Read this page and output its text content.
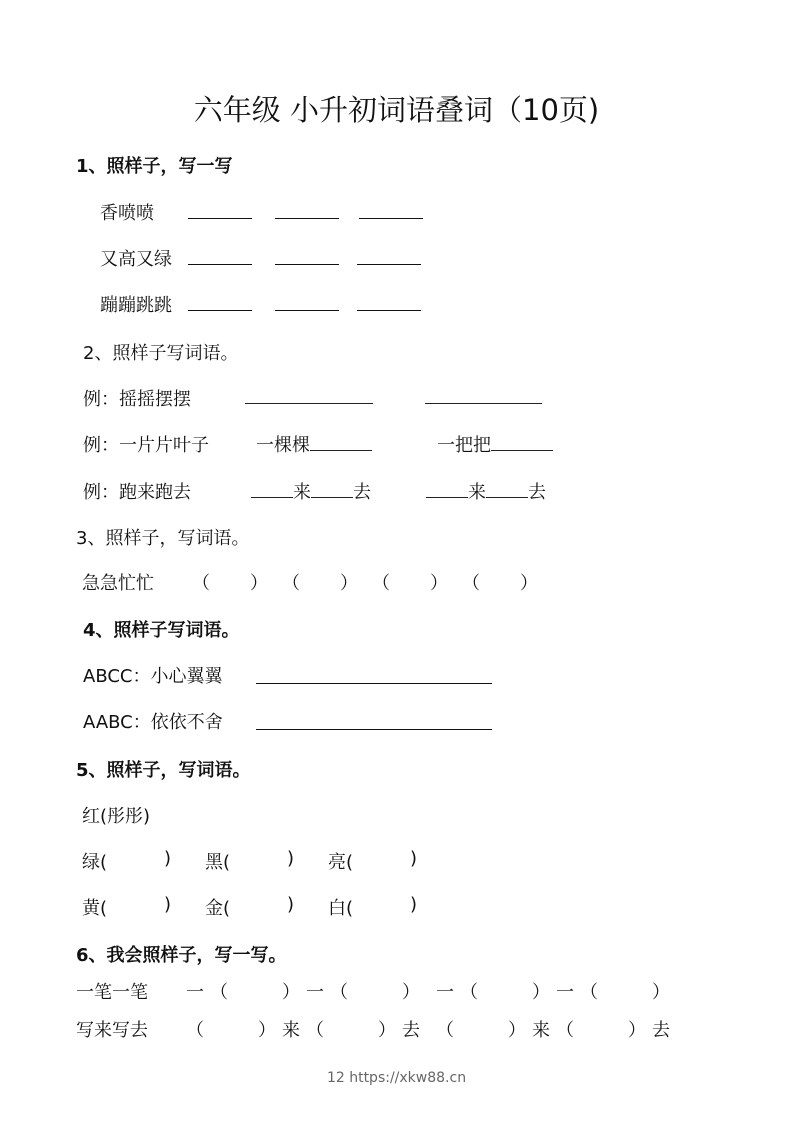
六年级 小升初词语叠词（10页)
1、照样子，写一写
香喷喷
又高又绿
蹦蹦跳跳
2、照样子写词语。
例：摇摇摆摆
例：一片片叶子	一棵棵	一把把
例：跑来跑去	来 去	来 去
3、照样子，写词语。
急急忙忙 （ ） （ ） （ ） （ ）
4、照样子写词语。
ABCC：小心翼翼
AABC：依依不舍
5、照样子，写词语。
红(彤彤)
绿(	) 黑(	) 亮(	)
黄(	) 金(	) 白(	)
6、我会照样子，写一写。
一笔一笔 一（　　）一（　　） 一（　　）一（　　）
写来写去 （　　）来（　　）去 （　　）来（　　）去
12 https://xkw88.cn
